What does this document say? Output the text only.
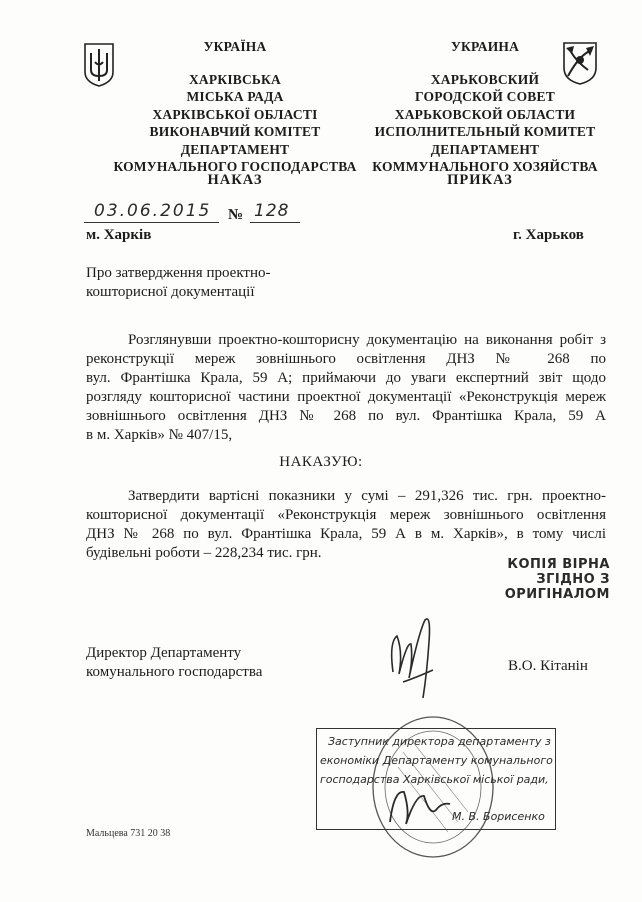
УКРАЇНА
ХАРКІВСЬКА
МІСЬКА РАДА
ХАРКІВСЬКОЇ ОБЛАСТІ
ВИКОНАВЧИЙ КОМІТЕТ
ДЕПАРТАМЕНТ
КОМУНАЛЬНОГО ГОСПОДАРСТВА
УКРАИНА
ХАРЬКОВСКИЙ
ГОРОДСКОЙ СОВЕТ
ХАРЬКОВСКОЙ ОБЛАСТИ
ИСПОЛНИТЕЛЬНЫЙ КОМИТЕТ
ДЕПАРТАМЕНТ
КОММУНАЛЬНОГО ХОЗЯЙСТВА
НАКАЗ	ПРИКАЗ
03.06.2015 № 128
м. Харків	г. Харьков
Про затвердження проектно-
кошторисної документації
Розглянувши проектно-кошторисну документацію на виконання робіт з
реконструкції мереж зовнішнього освітлення ДНЗ № 268 по
вул. Франтішка Крала, 59 А; приймаючи до уваги експертний звіт щодо
розгляду кошторисної частини проектної документації «Реконструкція мереж
зовнішнього освітлення ДНЗ № 268 по вул. Франтішка Крала, 59 А
в м. Харків» № 407/15,
НАКАЗУЮ:
Затвердити вартісні показники у сумі – 291,326 тис. грн. проектно-
кошторисної документації «Реконструкція мереж зовнішнього освітлення
ДНЗ № 268 по вул. Франтішка Крала, 59 А в м. Харків», в тому числі
будівельні роботи – 228,234 тис. грн.
КОПІЯ ВІРНА
ЗГІДНО З
ОРИГІНАЛОМ
Директор Департаменту
комунального господарства	В.О. Кітанін
Заступник директора департаменту з
економіки Департаменту комунального
господарства Харківської міської ради,
М. В. Борисенко
Мальцева 731 20 38
